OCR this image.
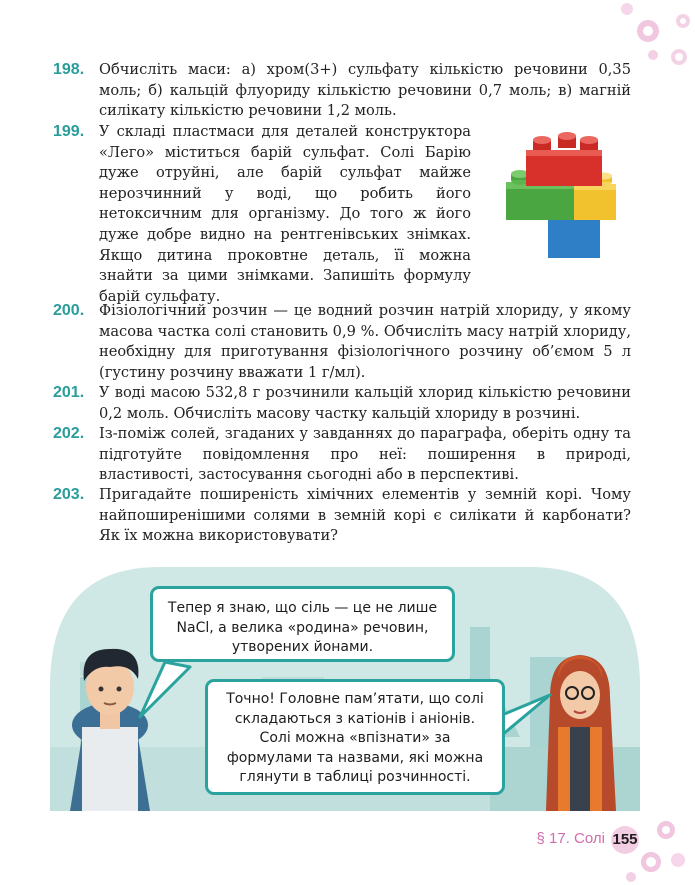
198. Обчисліть маси: а) хром(3+) сульфату кількістю речовини 0,35 моль; б) кальцій флуориду кількістю речовини 0,7 моль; в) магній силікату кількістю речовини 1,2 моль.
199. У складі пластмаси для деталей конструктора «Лего» міститься барій сульфат. Солі Барію дуже отруйні, але барій сульфат майже нерозчинний у воді, що робить його нетоксичним для організму. До того ж його дуже добре видно на рентгенівських знімках. Якщо дитина проковтне деталь, її можна знайти за цими знімками. Запишіть формулу барій сульфату.
200. Фізіологічний розчин — це водний розчин натрій хлориду, у якому масова частка солі становить 0,9 %. Обчисліть масу натрій хлориду, необхідну для приготування фізіологічного розчину об’ємом 5 л (густину розчину вважати 1 г/мл).
201. У воді масою 532,8 г розчинили кальцій хлорид кількістю речовини 0,2 моль. Обчисліть масову частку кальцій хлориду в розчині.
202. Із-поміж солей, згаданих у завданнях до параграфа, оберіть одну та підготуйте повідомлення про неї: поширення в природі, властивості, застосування сьогодні або в перспективі.
203. Пригадайте поширеність хімічних елементів у земній корі. Чому найпоширенішими солями в земній корі є силікати й карбонати? Як їх можна використовувати?
Тепер я знаю, що сіль — це не лише NaCl, а велика «родина» речовин, утворених йонами.
Точно! Головне пам’ятати, що солі складаються з катіонів і аніонів. Солі можна «впізнати» за формулами та назвами, які можна глянути в таблиці розчинності.
§ 17. Солі 155
